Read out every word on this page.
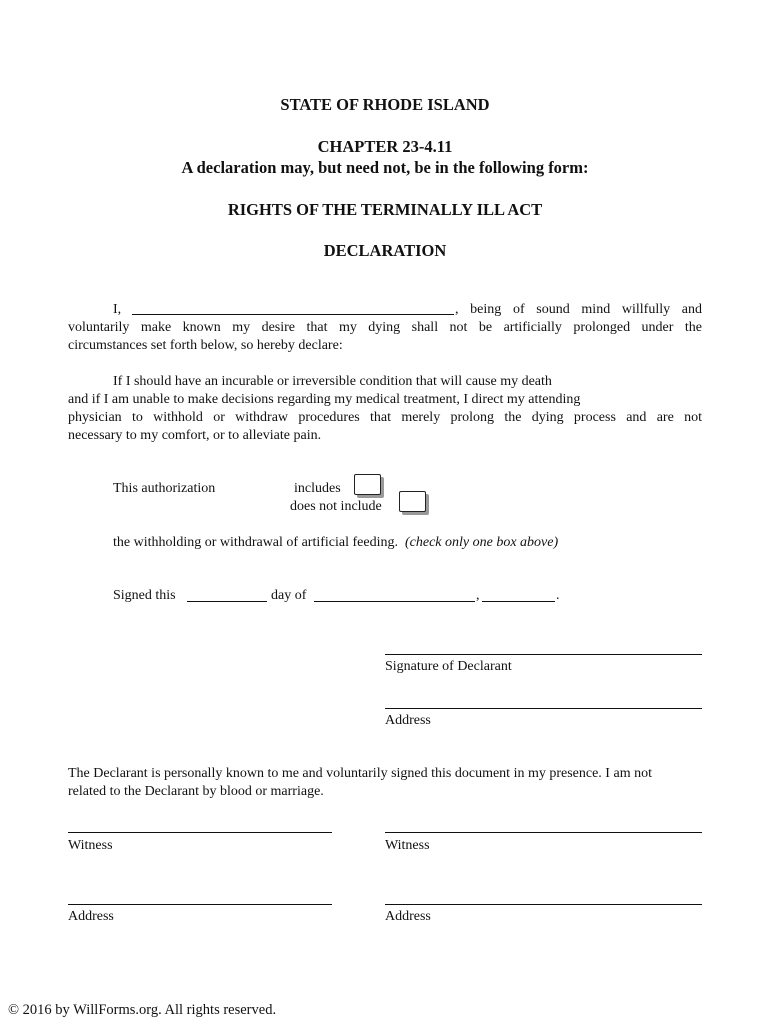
STATE OF RHODE ISLAND
CHAPTER 23-4.11
A declaration may, but need not, be in the following form:
RIGHTS OF THE TERMINALLY ILL ACT
DECLARATION
I,	, being of sound mind willfully and
voluntarily make known my desire that my dying shall not be artificially prolonged under the
circumstances set forth below, so hereby declare:
If I should have an incurable or irreversible condition that will cause my death
and if I am unable to make decisions regarding my medical treatment, I direct my attending
physician to withhold or withdraw procedures that merely prolong the dying process and are not
necessary to my comfort, or to alleviate pain.
This authorization	includes
does not include
the withholding or withdrawal of artificial feeding. (check only one box above)
Signed this	day of	,	.
Signature of Declarant
Address
The Declarant is personally known to me and voluntarily signed this document in my presence. I am not
related to the Declarant by blood or marriage.
Witness	Witness
Address	Address
© 2016 by WillForms.org. All rights reserved.
